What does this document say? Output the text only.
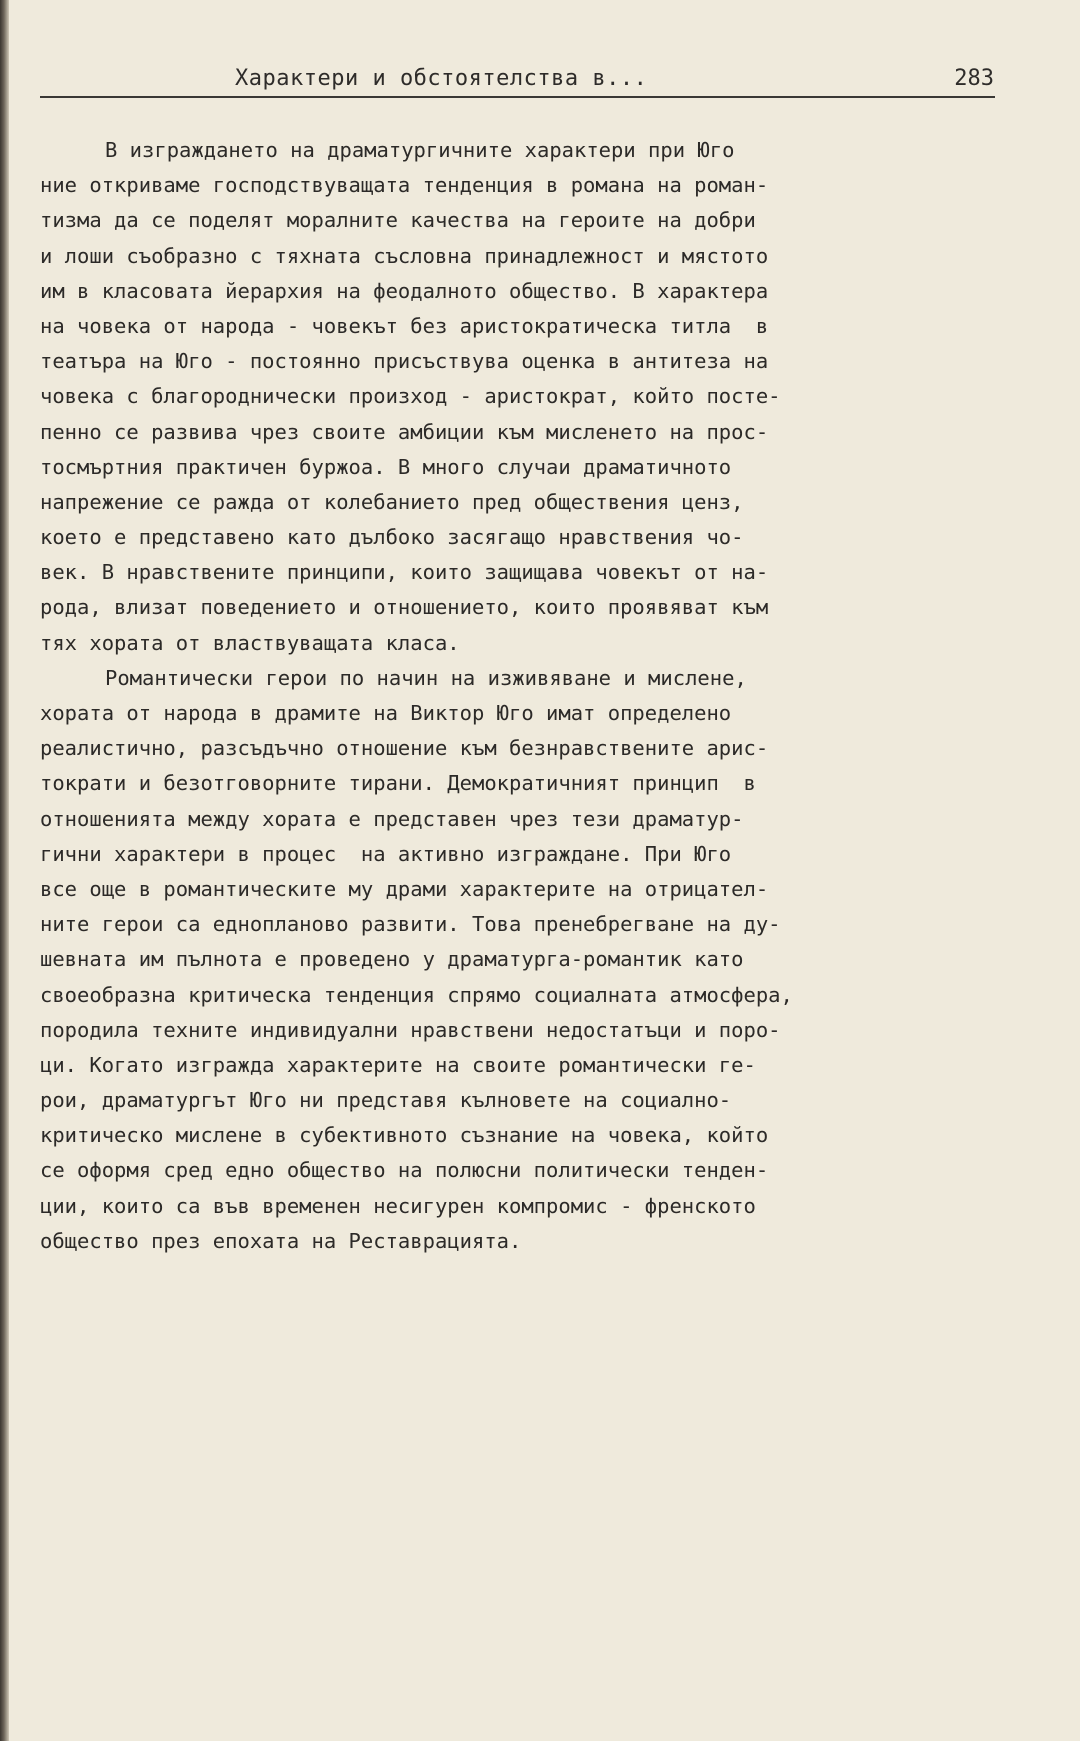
Характери и обстоятелства в...	283
В изграждането на драматургичните характери при Юго
ние откриваме господствуващата тенденция в романа на роман-
тизма да се поделят моралните качества на героите на добри
и лоши съобразно с тяхната съсловна принадлежност и мястото
им в класовата йерархия на феодалното общество. В характера
на човека от народа - човекът без аристократическа титла  в
театъра на Юго - постоянно присъствува оценка в антитеза на
човека с благороднически произход - аристократ, който посте-
пенно се развива чрез своите амбиции към мисленето на прос-
тосмъртния практичен буржоа. В много случаи драматичното
напрежение се ражда от колебанието пред обществения ценз,
което е представено като дълбоко засягащо нравствения чо-
век. В нравствените принципи, които защищава човекът от на-
рода, влизат поведението и отношението, които проявяват към
тях хората от властвуващата класа.
Романтически герои по начин на изживяване и мислене,
хората от народа в драмите на Виктор Юго имат определено
реалистично, разсъдъчно отношение към безнравствените арис-
тократи и безотговорните тирани. Демократичният принцип  в
отношенията между хората е представен чрез тези драматур-
гични характери в процес  на активно изграждане. При Юго
все още в романтическите му драми характерите на отрицател-
ните герои са еднопланово развити. Това пренебрегване на ду-
шевната им пълнота е проведено у драматурга-романтик като
своеобразна критическа тенденция спрямо социалната атмосфера,
породила техните индивидуални нравствени недостатъци и поро-
ци. Когато изгражда характерите на своите романтически ге-
рои, драматургът Юго ни представя кълновете на социално-
критическо мислене в субективното съзнание на човека, който
се оформя сред едно общество на полюсни политически тенден-
ции, които са във временен несигурен компромис - френското
общество през епохата на Реставрацията.
